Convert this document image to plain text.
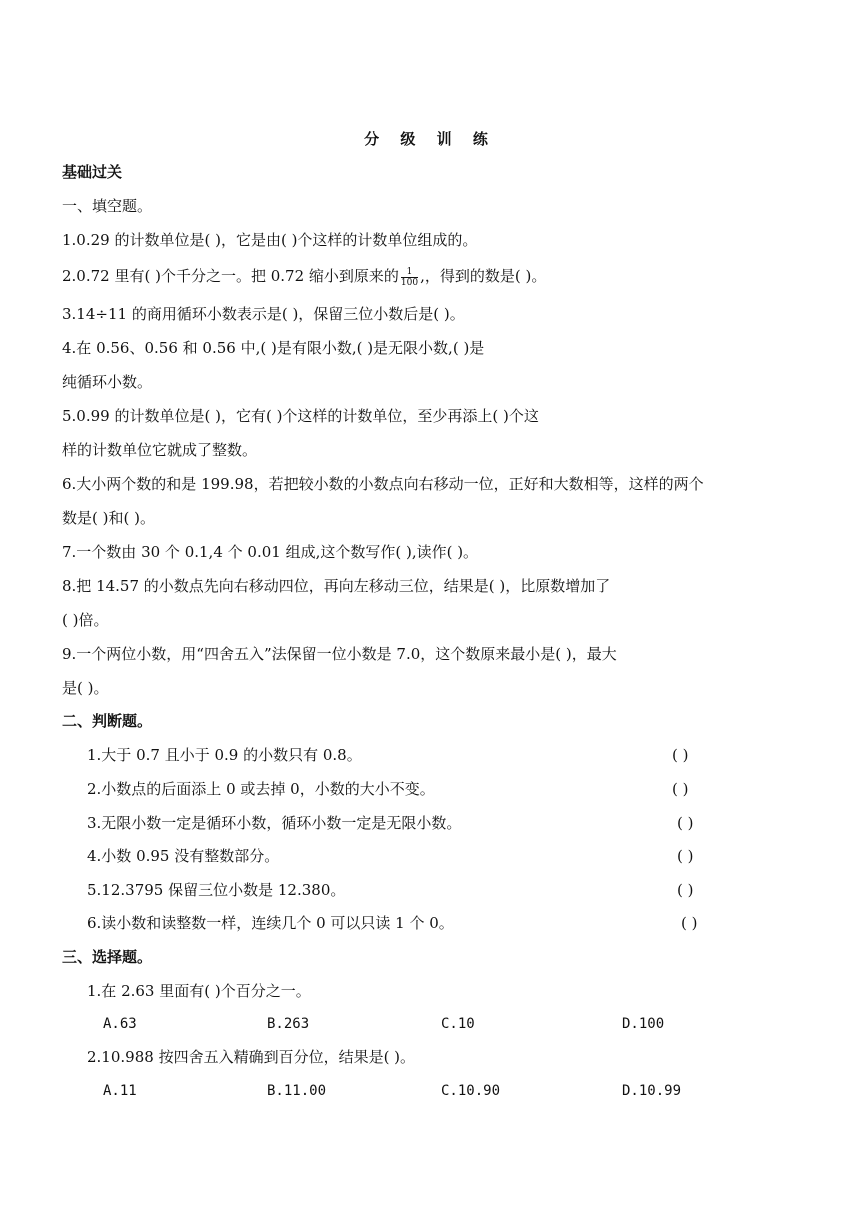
分 级 训 练
基础过关
一、填空题。
1.0.29 的计数单位是( )，它是由( )个这样的计数单位组成的。
2.0.72 里有( )个千分之一。把 0.72 缩小到原来的 $\frac{1}{100}$ ,，得到的数是( )。
3.14÷11 的商用循环小数表示是( )，保留三位小数后是( )。
4.在 0.56、0.56 和 0.56 中,( )是有限小数,( )是无限小数,( )是
纯循环小数。
5.0.99 的计数单位是( )，它有( )个这样的计数单位，至少再添上( )个这
样的计数单位它就成了整数。
6.大小两个数的和是 199.98，若把较小数的小数点向右移动一位，正好和大数相等，这样的两个
数是( )和( )。
7.一个数由 30 个 0.1,4 个 0.01 组成,这个数写作( ),读作( )。
8.把 14.57 的小数点先向右移动四位，再向左移动三位，结果是( )，比原数增加了
( )倍。
9.一个两位小数，用“四舍五入”法保留一位小数是 7.0，这个数原来最小是( )，最大
是( )。
二、判断题。
1.大于 0.7 且小于 0.9 的小数只有 0.8。	( )
2.小数点的后面添上 0 或去掉 0，小数的大小不变。	( )
3.无限小数一定是循环小数，循环小数一定是无限小数。	( )
4.小数 0.95 没有整数部分。	( )
5.12.3795 保留三位小数是 12.380。	( )
6.读小数和读整数一样，连续几个 0 可以只读 1 个 0。	( )
三、选择题。
1.在 2.63 里面有( )个百分之一。
A.63	B.263	C.10	D.100
2.10.988 按四舍五入精确到百分位，结果是( )。
A.11	B.11.00	C.10.90	D.10.99
